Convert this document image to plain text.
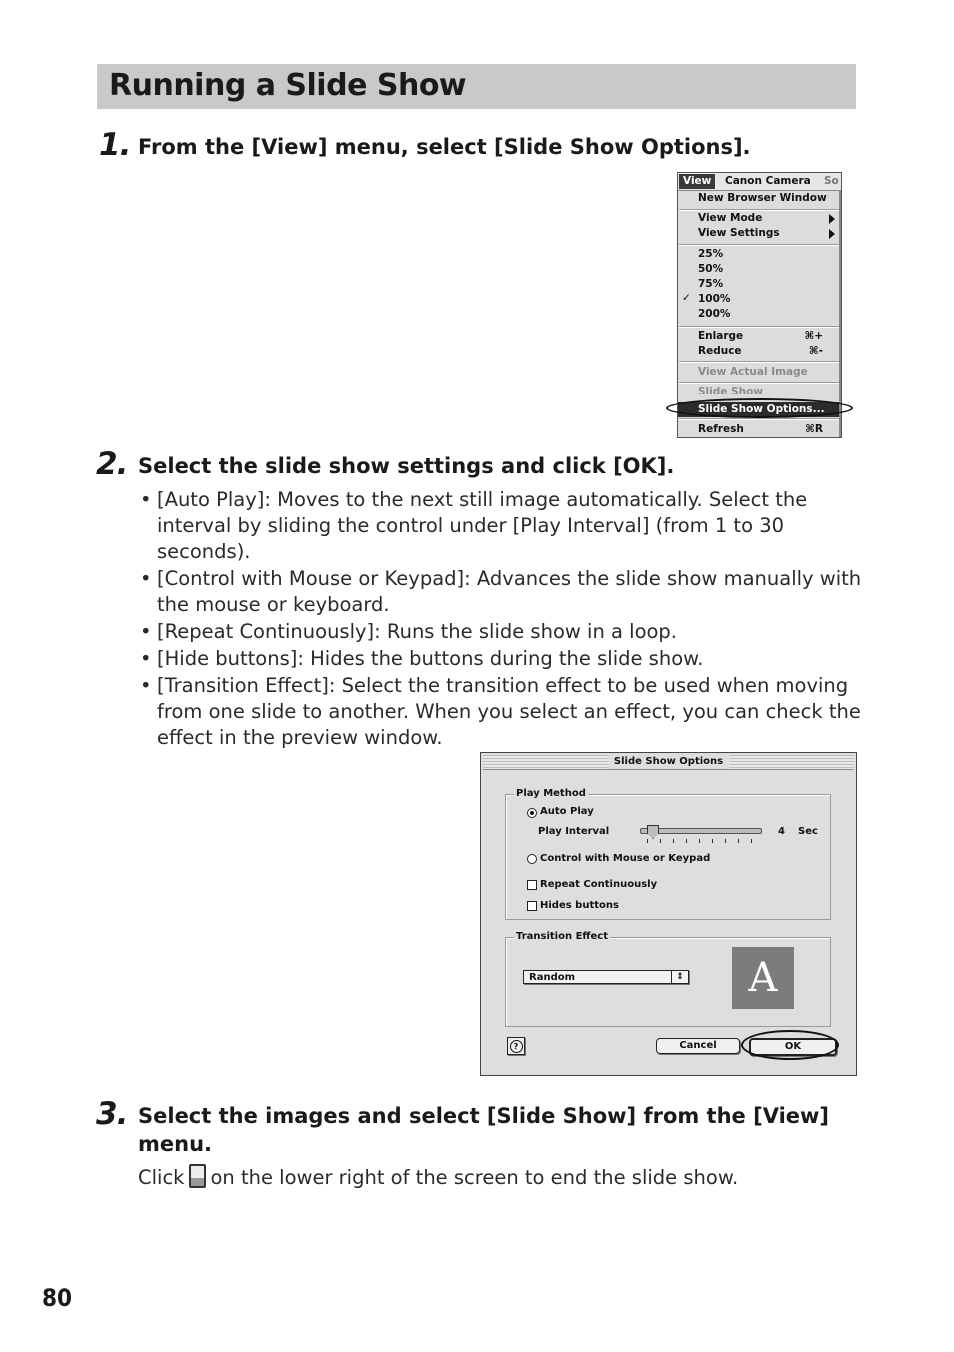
Running a Slide Show
1. From the [View] menu, select [Slide Show Options].
View	Canon Camera	So
New Browser Window
View Mode
View Settings
25%
50%
75%
✓ 100%
200%
Enlarge	⌘+
Reduce	⌘-
View Actual Image
Slide Show
Slide Show Options...
Refresh	⌘R
2. Select the slide show settings and click [OK].
• [Auto Play]: Moves to the next still image automatically. Select the interval by sliding the control under [Play Interval] (from 1 to 30 seconds).
• [Control with Mouse or Keypad]: Advances the slide show manually with the mouse or keyboard.
• [Repeat Continuously]: Runs the slide show in a loop.
• [Hide buttons]: Hides the buttons during the slide show.
• [Transition Effect]: Select the transition effect to be used when moving from one slide to another. When you select an effect, you can check the effect in the preview window.
Slide Show Options
Play Method
Auto Play
Play Interval	4 Sec
Control with Mouse or Keypad
Repeat Continuously
Hides buttons
Transition Effect
Random	⇕	A
?	Cancel	OK
3. Select the images and select [Slide Show] from the [View] menu.
Click on the lower right of the screen to end the slide show.
80
